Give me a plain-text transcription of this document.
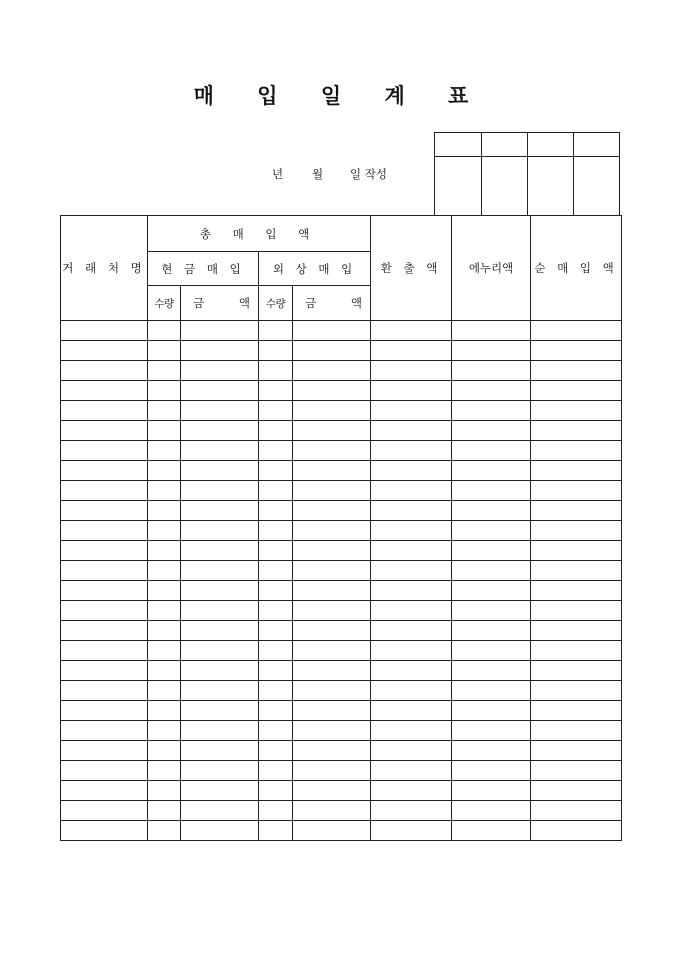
매 입 일 계 표
년	월 일 작성

거 래 처 명	총 매 입 액				환 출 액	에누리액	순 매 입 액
	현 금 매 입		외 상 매 입				
	수량	금 액	수량	금 액			
